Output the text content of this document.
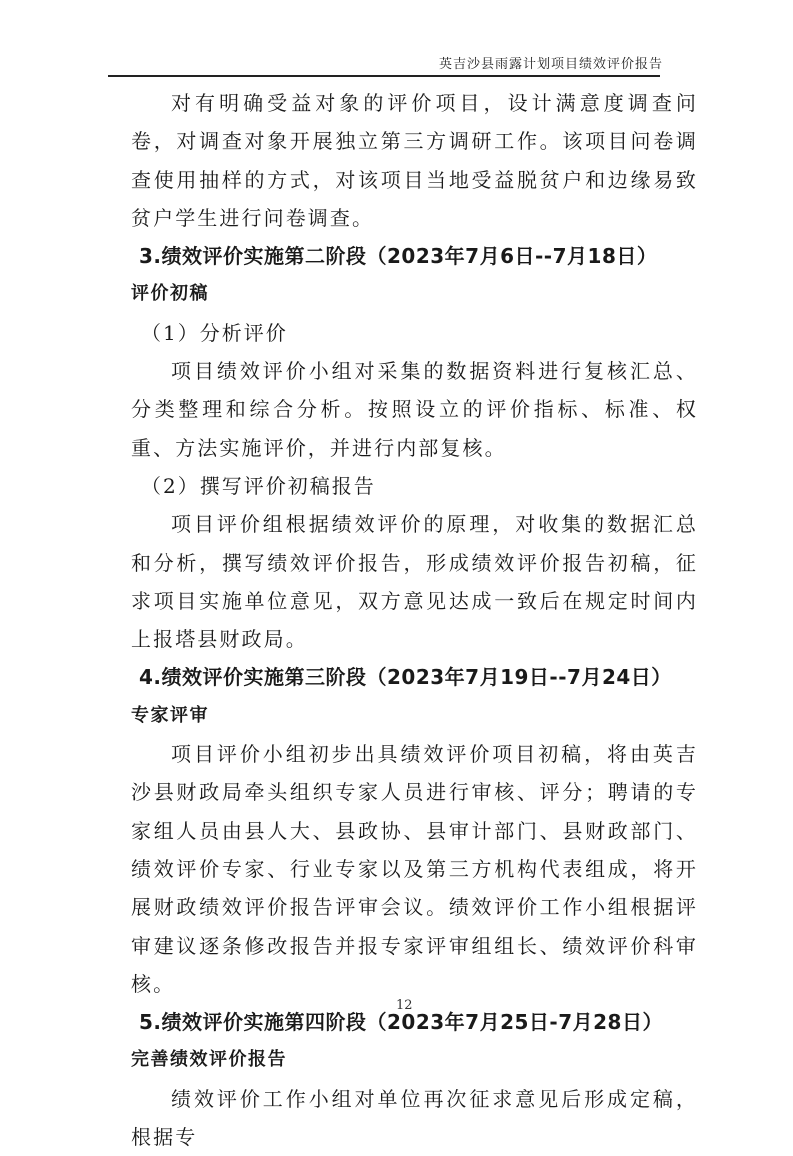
英吉沙县雨露计划项目绩效评价报告

对有明确受益对象的评价项目，设计满意度调查问卷，对调查对象开展独立第三方调研工作。该项目问卷调查使用抽样的方式，对该项目当地受益脱贫户和边缘易致贫户学生进行问卷调查。

3.绩效评价实施第二阶段（2023年7月6日--7月18日）

评价初稿

（1）分析评价

项目绩效评价小组对采集的数据资料进行复核汇总、分类整理和综合分析。按照设立的评价指标、标准、权重、方法实施评价，并进行内部复核。

（2）撰写评价初稿报告

项目评价组根据绩效评价的原理，对收集的数据汇总和分析，撰写绩效评价报告，形成绩效评价报告初稿，征求项目实施单位意见，双方意见达成一致后在规定时间内上报塔县财政局。

4.绩效评价实施第三阶段（2023年7月19日--7月24日）

专家评审

项目评价小组初步出具绩效评价项目初稿，将由英吉沙县财政局牵头组织专家人员进行审核、评分；聘请的专家组人员由县人大、县政协、县审计部门、县财政部门、绩效评价专家、行业专家以及第三方机构代表组成，将开展财政绩效评价报告评审会议。绩效评价工作小组根据评审建议逐条修改报告并报专家评审组组长、绩效评价科审核。

5.绩效评价实施第四阶段（2023年7月25日-7月28日）

完善绩效评价报告

绩效评价工作小组对单位再次征求意见后形成定稿，根据专

12
